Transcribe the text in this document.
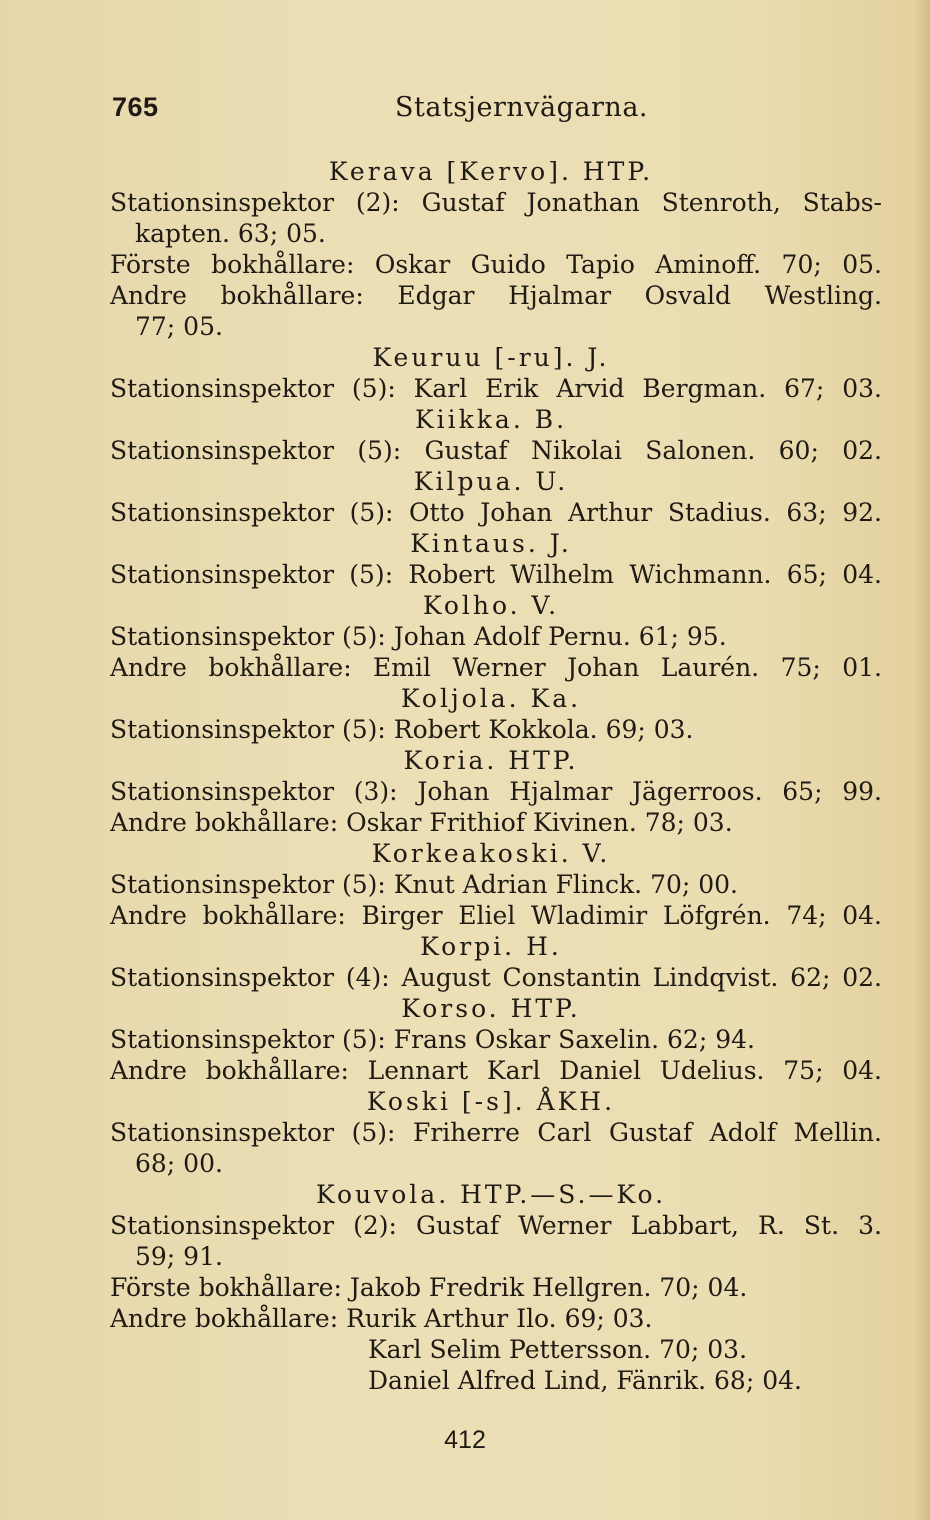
765	Statsjernvägarna.
Kerava [Kervo]. HTP.
Stationsinspektor (2): Gustaf Jonathan Stenroth, Stabs-
kapten. 63; 05.
Förste bokhållare: Oskar Guido Tapio Aminoff. 70; 05.
Andre bokhållare: Edgar Hjalmar Osvald Westling.
77; 05.
Keuruu [-ru]. J.
Stationsinspektor (5): Karl Erik Arvid Bergman. 67; 03.
Kiikka. B.
Stationsinspektor (5): Gustaf Nikolai Salonen. 60; 02.
Kilpua. U.
Stationsinspektor (5): Otto Johan Arthur Stadius. 63; 92.
Kintaus. J.
Stationsinspektor (5): Robert Wilhelm Wichmann. 65; 04.
Kolho. V.
Stationsinspektor (5): Johan Adolf Pernu. 61; 95.
Andre bokhållare: Emil Werner Johan Laurén. 75; 01.
Koljola. Ka.
Stationsinspektor (5): Robert Kokkola. 69; 03.
Koria. HTP.
Stationsinspektor (3): Johan Hjalmar Jägerroos. 65; 99.
Andre bokhållare: Oskar Frithiof Kivinen. 78; 03.
Korkeakoski. V.
Stationsinspektor (5): Knut Adrian Flinck. 70; 00.
Andre bokhållare: Birger Eliel Wladimir Löfgrén. 74; 04.
Korpi. H.
Stationsinspektor (4): August Constantin Lindqvist. 62; 02.
Korso. HTP.
Stationsinspektor (5): Frans Oskar Saxelin. 62; 94.
Andre bokhållare: Lennart Karl Daniel Udelius. 75; 04.
Koski [-s]. ÅKH.
Stationsinspektor (5): Friherre Carl Gustaf Adolf Mellin.
68; 00.
Kouvola. HTP.—S.—Ko.
Stationsinspektor (2): Gustaf Werner Labbart, R. St. 3.
59; 91.
Förste bokhållare: Jakob Fredrik Hellgren. 70; 04.
Andre bokhållare: Rurik Arthur Ilo. 69; 03.
Karl Selim Pettersson. 70; 03.
Daniel Alfred Lind, Fänrik. 68; 04.
412
